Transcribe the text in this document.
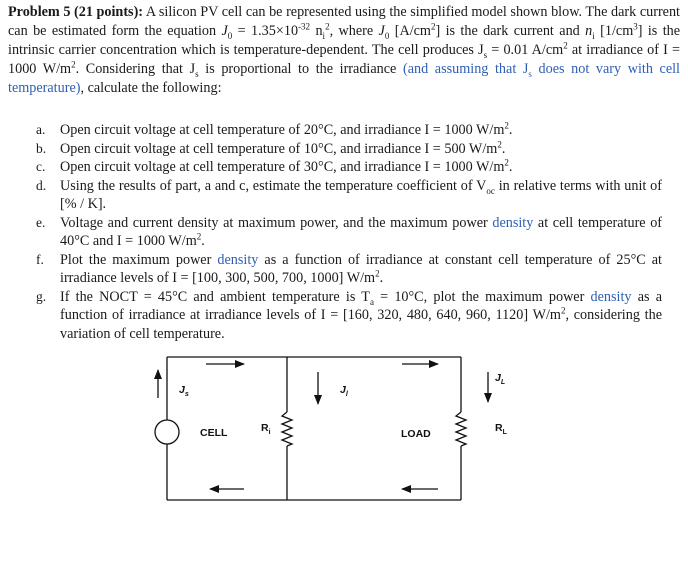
Problem 5 (21 points): A silicon PV cell can be represented using the simplified model shown blow. The dark current can be estimated form the equation $J_0 = 1.35\times 10^{-32}$ $n_i^2$, where $J_0$ $[A/cm^2]$ is the dark current and $n_i$ $[1/cm^3]$ is the intrinsic carrier concentration which is temperature-dependent. The cell produces $J_s = 0.01$ $A/cm^2$ at irradiance of I = 1000 $W/m^2$. Considering that $J_s$ is proportional to the irradiance (and assuming that $J_s$ does not vary with cell temperature), calculate the following:

a. Open circuit voltage at cell temperature of 20°C, and irradiance I = 1000 $W/m^2$.
b. Open circuit voltage at cell temperature of 10°C, and irradiance I = 500 $W/m^2$.
c. Open circuit voltage at cell temperature of 30°C, and irradiance I = 1000 $W/m^2$.
d. Using the results of part, a and c, estimate the temperature coefficient of $V_{oc}$ in relative terms with unit of [% / K].
e. Voltage and current density at maximum power, and the maximum power density at cell temperature of 40°C and I = 1000 $W/m^2$.
f. Plot the maximum power density as a function of irradiance at constant cell temperature of 25°C at irradiance levels of I = [100, 300, 500, 700, 1000] $W/m^2$.
g. If the NOCT = 45°C and ambient temperature is $T_a = 10^\circ C$, plot the maximum power density as a function of irradiance at irradiance levels of I = [160, 320, 480, 640, 960, 1120] $W/m^2$, considering the variation of cell temperature.
$J_s$
CELL	$R_i$
$J_l$
LOAD
$J_L$
$R_L$
